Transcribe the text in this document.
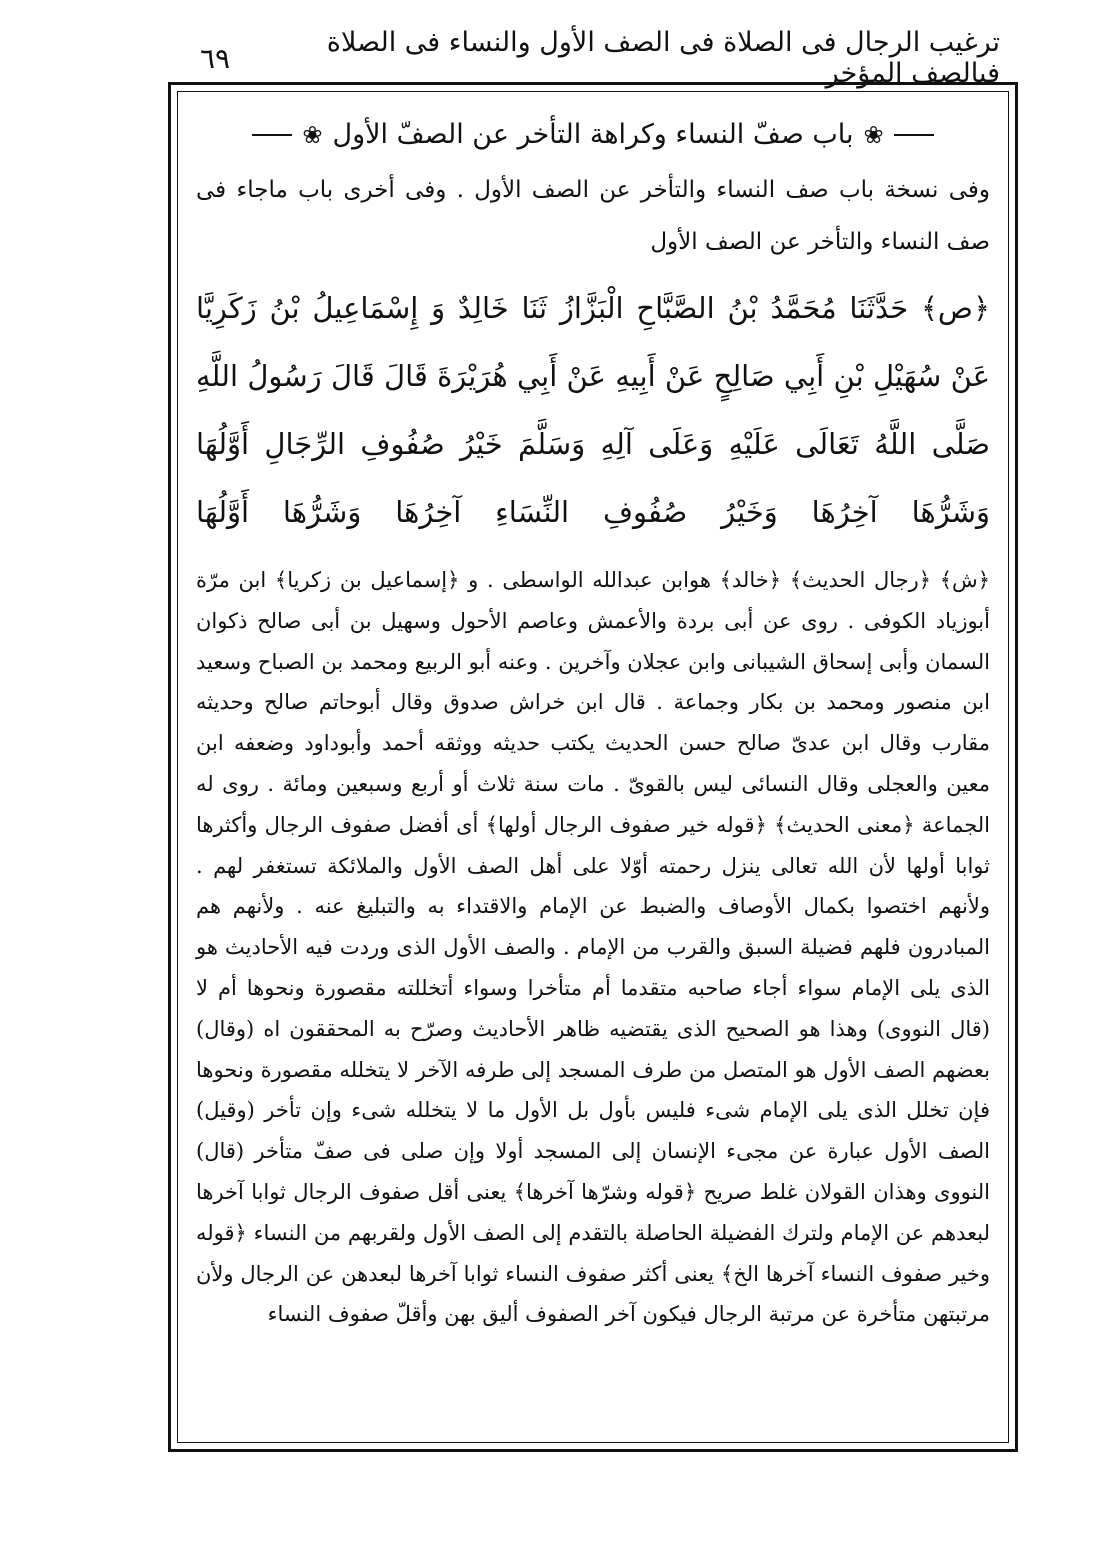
ترغيب الرجال فى الصلاة فى الصف الأول والنساء فى الصلاة فىالصف المؤخر
٦٩
❀
باب صفّ النساء وكراهة التأخر عن الصفّ الأول
❀
وفى نسخة باب صف النساء والتأخر عن الصف الأول . وفى أخرى باب ماجاء فى صف النساء والتأخر عن الصف الأول
﴿ص﴾ حَدَّثَنَا مُحَمَّدُ بْنُ الصَّبَّاحِ الْبَزَّازُ ثَنَا خَالِدٌ وَ إِسْمَاعِيلُ بْنُ زَكَرِيَّا عَنْ سُهَيْلِ بْنِ أَبِي صَالِحٍ عَنْ أَبِيهِ عَنْ أَبِي هُرَيْرَةَ قَالَ قَالَ رَسُولُ اللَّهِ صَلَّى اللَّهُ تَعَالَى عَلَيْهِ وَعَلَى آلِهِ وَسَلَّمَ خَيْرُ صُفُوفِ الرِّجَالِ أَوَّلُهَا وَشَرُّهَا آخِرُهَا وَخَيْرُ صُفُوفِ النِّسَاءِ آخِرُهَا وَشَرُّهَا أَوَّلُهَا

﴿ش﴾ ﴿رجال الحديث﴾ ﴿خالد﴾ هوابن عبدالله الواسطى . و ﴿إسماعيل بن زكريا﴾ ابن مرّة أبوزياد الكوفى . روى عن أبى بردة والأعمش وعاصم الأحول وسهيل بن أبى صالح ذكوان السمان وأبى إسحاق الشيبانى وابن عجلان وآخرين . وعنه أبو الربيع ومحمد بن الصباح وسعيد ابن منصور ومحمد بن بكار وجماعة . قال ابن خراش صدوق وقال أبوحاتم صالح وحديثه مقارب وقال ابن عدىّ صالح حسن الحديث يكتب حديثه ووثقه أحمد وأبوداود وضعفه ابن معين والعجلى وقال النسائى ليس بالقوىّ . مات سنة ثلاث أو أربع وسبعين ومائة . روى له الجماعة ﴿معنى الحديث﴾ ﴿قوله خير صفوف الرجال أولها﴾ أى أفضل صفوف الرجال وأكثرها ثوابا أولها لأن الله تعالى ينزل رحمته أوّلا على أهل الصف الأول والملائكة تستغفر لهم . ولأنهم اختصوا بكمال الأوصاف والضبط عن الإمام والاقتداء به والتبليغ عنه . ولأنهم هم المبادرون فلهم فضيلة السبق والقرب من الإمام . والصف الأول الذى وردت فيه الأحاديث هو الذى يلى الإمام سواء أجاء صاحبه متقدما أم متأخرا وسواء أتخللته مقصورة ونحوها أم لا (قال النووى) وهذا هو الصحيح الذى يقتضيه ظاهر الأحاديث وصرّح به المحققون اه (وقال) بعضهم الصف الأول هو المتصل من طرف المسجد إلى طرفه الآخر لا يتخلله مقصورة ونحوها فإن تخلل الذى يلى الإمام شىء فليس بأول بل الأول ما لا يتخلله شىء وإن تأخر (وقيل) الصف الأول عبارة عن مجىء الإنسان إلى المسجد أولا وإن صلى فى صفّ متأخر (قال) النووى وهذان القولان غلط صريح ﴿قوله وشرّها آخرها﴾ يعنى أقل صفوف الرجال ثوابا آخرها لبعدهم عن الإمام ولترك الفضيلة الحاصلة بالتقدم إلى الصف الأول ولقربهم من النساء ﴿قوله وخير صفوف النساء آخرها الخ﴾ يعنى أكثر صفوف النساء ثوابا آخرها لبعدهن عن الرجال ولأن مرتبتهن متأخرة عن مرتبة الرجال فيكون آخر الصفوف أليق بهن وأقلّ صفوف النساء
